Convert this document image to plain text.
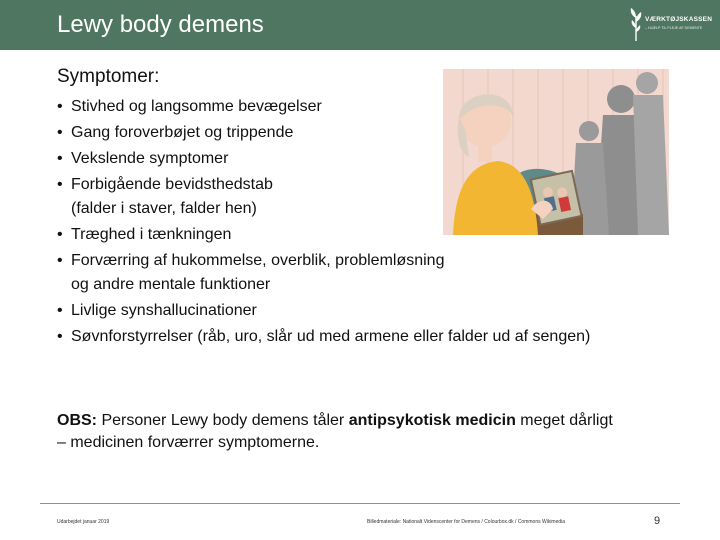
Lewy body demens	VÆRKTØJSKASSEN
– HJÆLP TIL PLEJE AF DEMENTE
Symptomer:
• Stivhed og langsomme bevægelser
• Gang foroverbøjet og trippende
• Vekslende symptomer
• Forbigående bevidsthedstab (falder i staver, falder hen)
• Træghed i tænkningen
• Forværring af hukommelse, overblik, problemløsning og andre mentale funktioner
• Livlige synshallucinationer
• Søvnforstyrrelser (råb, uro, slår ud med armene eller falder ud af sengen)
OBS: Personer Lewy body demens tåler antipsykotisk medicin meget dårligt – medicinen forværrer symptomerne.
Udarbejdet januar 2019	Billedmateriale: Nationalt Videnscenter for Demens / Colourbox.dk / Commons Wikimedia	9
